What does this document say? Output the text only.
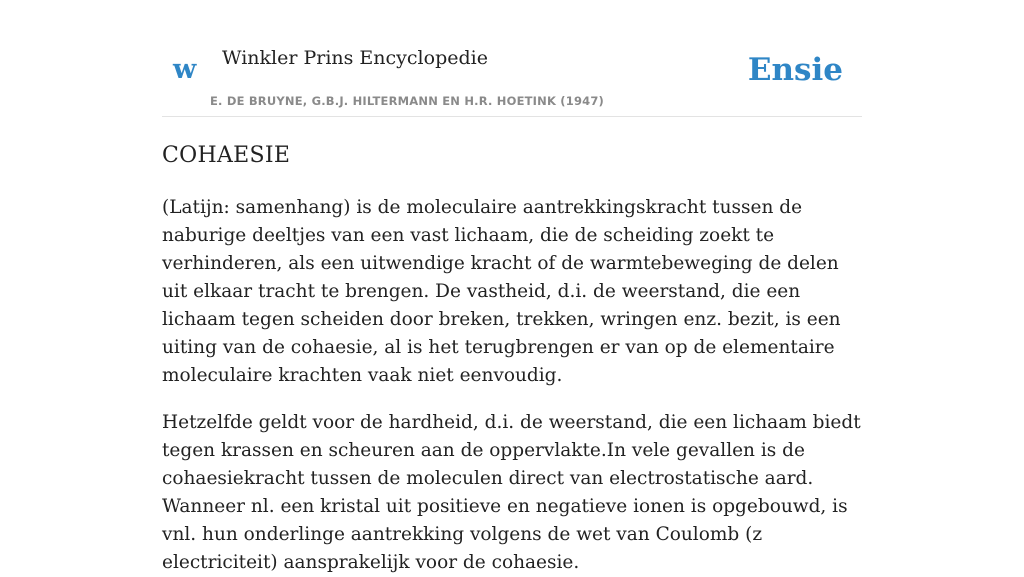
w Winkler Prins Encyclopedie
E. DE BRUYNE, G.B.J. HILTERMANN EN H.R. HOETINK (1947)
Ensie
COHAESIE

(Latijn: samenhang) is de moleculaire aantrekkingskracht tussen de naburige deeltjes van een vast lichaam, die de scheiding zoekt te verhinderen, als een uitwendige kracht of de warmtebeweging de delen uit elkaar tracht te brengen. De vastheid, d.i. de weerstand, die een lichaam tegen scheiden door breken, trekken, wringen enz. bezit, is een uiting van de cohaesie, al is het terugbrengen er van op de elementaire moleculaire krachten vaak niet eenvoudig.

Hetzelfde geldt voor de hardheid, d.i. de weerstand, die een lichaam biedt tegen krassen en scheuren aan de oppervlakte.In vele gevallen is de cohaesiekracht tussen de moleculen direct van electrostatische aard. Wanneer nl. een kristal uit positieve en negatieve ionen is opgebouwd, is vnl. hun onderlinge aantrekking volgens de wet van Coulomb (z electriciteit) aansprakelijk voor de cohaesie.
